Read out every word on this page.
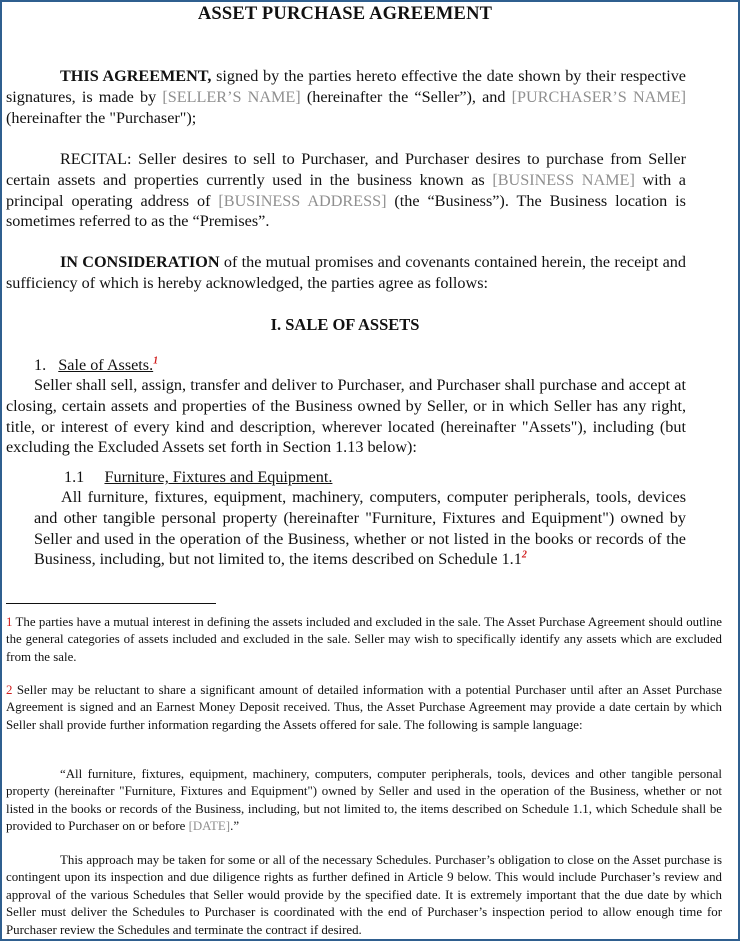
ASSET PURCHASE AGREEMENT
THIS AGREEMENT, signed by the parties hereto effective the date shown by their respective signatures, is made by [SELLER’S NAME] (hereinafter the “Seller”), and [PURCHASER’S NAME] (hereinafter the "Purchaser");
RECITAL: Seller desires to sell to Purchaser, and Purchaser desires to purchase from Seller certain assets and properties currently used in the business known as [BUSINESS NAME] with a principal operating address of [BUSINESS ADDRESS] (the “Business”). The Business location is sometimes referred to as the “Premises”.
IN CONSIDERATION of the mutual promises and covenants contained herein, the receipt and sufficiency of which is hereby acknowledged, the parties agree as follows:
I. SALE OF ASSETS
1. Sale of Assets.$^1$
Seller shall sell, assign, transfer and deliver to Purchaser, and Purchaser shall purchase and accept at closing, certain assets and properties of the Business owned by Seller, or in which Seller has any right, title, or interest of every kind and description, wherever located (hereinafter "Assets"), including (but excluding the Excluded Assets set forth in Section 1.13 below):
1.1 Furniture, Fixtures and Equipment.
All furniture, fixtures, equipment, machinery, computers, computer peripherals, tools, devices and other tangible personal property (hereinafter "Furniture, Fixtures and Equipment") owned by Seller and used in the operation of the Business, whether or not listed in the books or records of the Business, including, but not limited to, the items described on Schedule 1.1$^2$
1 The parties have a mutual interest in defining the assets included and excluded in the sale. The Asset Purchase Agreement should outline the general categories of assets included and excluded in the sale. Seller may wish to specifically identify any assets which are excluded from the sale.
2 Seller may be reluctant to share a significant amount of detailed information with a potential Purchaser until after an Asset Purchase Agreement is signed and an Earnest Money Deposit received. Thus, the Asset Purchase Agreement may provide a date certain by which Seller shall provide further information regarding the Assets offered for sale. The following is sample language:
“All furniture, fixtures, equipment, machinery, computers, computer peripherals, tools, devices and other tangible personal property (hereinafter "Furniture, Fixtures and Equipment") owned by Seller and used in the operation of the Business, whether or not listed in the books or records of the Business, including, but not limited to, the items described on Schedule 1.1, which Schedule shall be provided to Purchaser on or before [DATE].”
This approach may be taken for some or all of the necessary Schedules. Purchaser’s obligation to close on the Asset purchase is contingent upon its inspection and due diligence rights as further defined in Article 9 below. This would include Purchaser’s review and approval of the various Schedules that Seller would provide by the specified date. It is extremely important that the due date by which Seller must deliver the Schedules to Purchaser is coordinated with the end of Purchaser’s inspection period to allow enough time for Purchaser review the Schedules and terminate the contract if desired.
